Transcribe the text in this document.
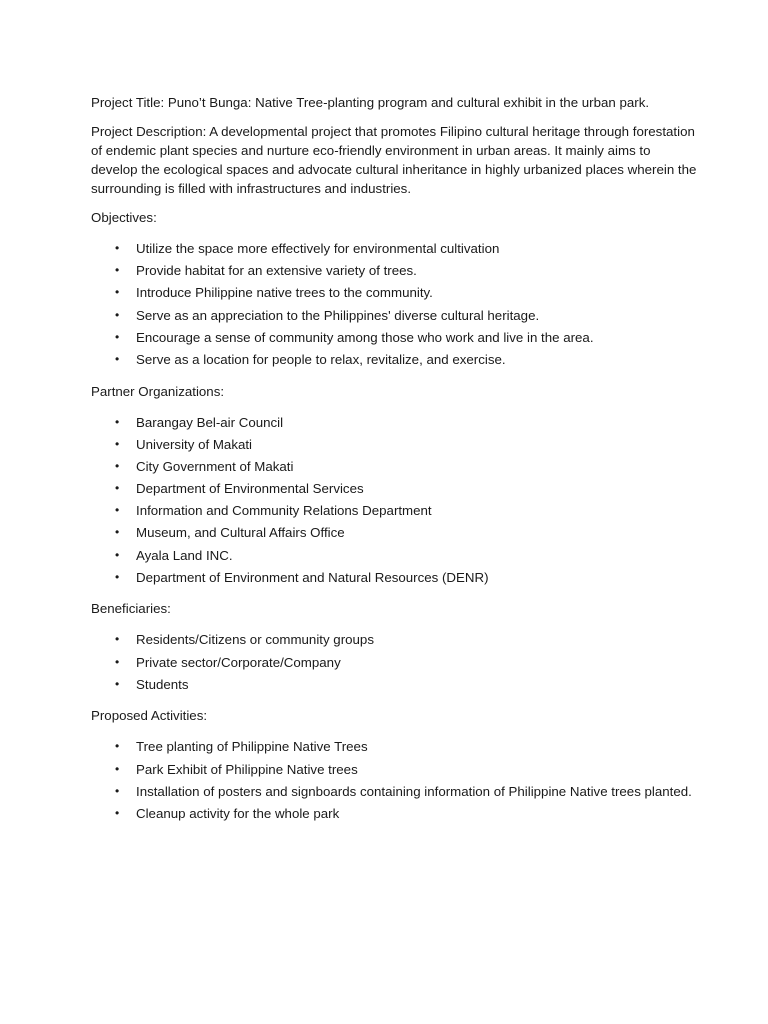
Project Title: Puno’t Bunga: Native Tree-planting program and cultural exhibit in the urban park.

Project Description: A developmental project that promotes Filipino cultural heritage through forestation of endemic plant species and nurture eco-friendly environment in urban areas. It mainly aims to develop the ecological spaces and advocate cultural inheritance in highly urbanized places wherein the surrounding is filled with infrastructures and industries.

Objectives:

• Utilize the space more effectively for environmental cultivation
• Provide habitat for an extensive variety of trees.
• Introduce Philippine native trees to the community.
• Serve as an appreciation to the Philippines' diverse cultural heritage.
• Encourage a sense of community among those who work and live in the area.
• Serve as a location for people to relax, revitalize, and exercise.

Partner Organizations:

• Barangay Bel-air Council
• University of Makati
• City Government of Makati
• Department of Environmental Services
• Information and Community Relations Department
• Museum, and Cultural Affairs Office
• Ayala Land INC.
• Department of Environment and Natural Resources (DENR)

Beneficiaries:

• Residents/Citizens or community groups
• Private sector/Corporate/Company
• Students

Proposed Activities:

• Tree planting of Philippine Native Trees
• Park Exhibit of Philippine Native trees
• Installation of posters and signboards containing information of Philippine Native trees planted.
• Cleanup activity for the whole park
